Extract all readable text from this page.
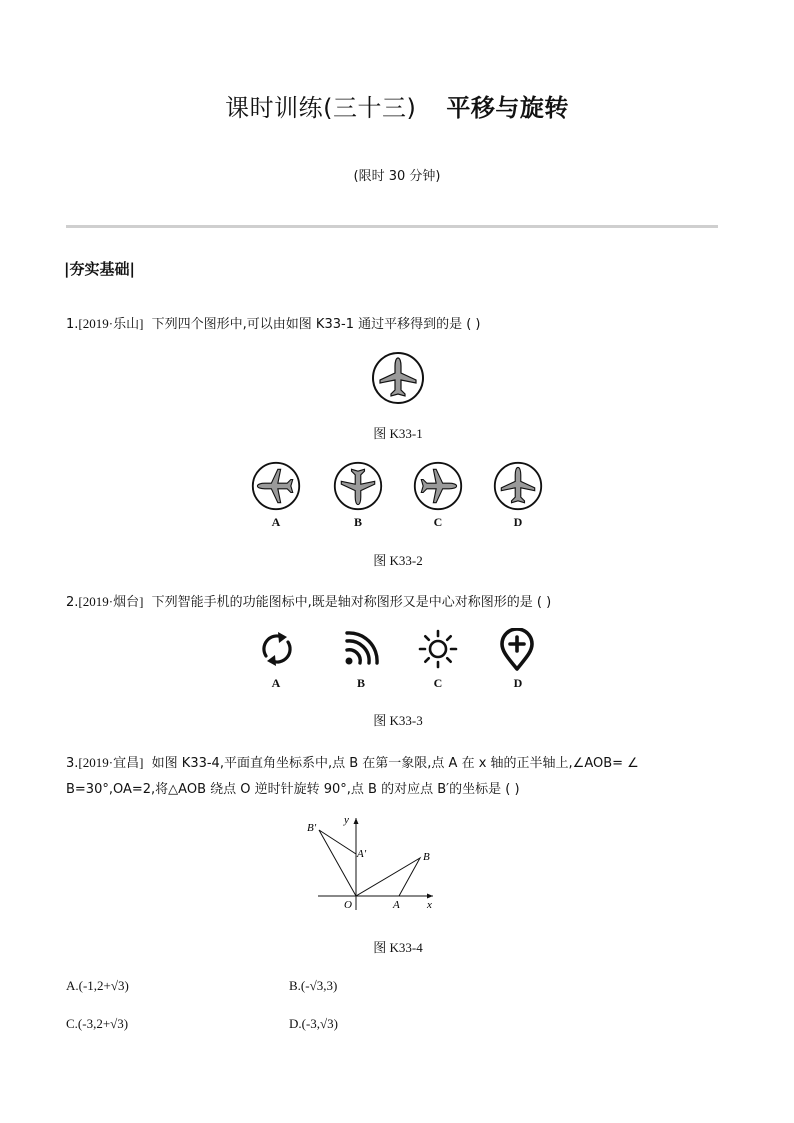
课时训练(三十三) 平移与旋转
(限时 30 分钟)
|夯实基础|
1.[2019·乐山] 下列四个图形中,可以由如图 K33-1 通过平移得到的是 ( )
图 K33-1
A	B	C	D
图 K33-2
2.[2019·烟台] 下列智能手机的功能图标中,既是轴对称图形又是中心对称图形的是 ( )
A	B	C	D
图 K33-3
3.[2019·宜昌] 如图 K33-4,平面直角坐标系中,点 B 在第一象限,点 A 在 x 轴的正半轴上,∠AOB= ∠
B=30°,OA=2,将△AOB 绕点 O 逆时针旋转 90°,点 B 的对应点 B′的坐标是 ( )
B′
A′	B
O	A x
y
图 K33-4
A.(-1,2+√3)	B.(-√3,3)
C.(-3,2+√3)	D.(-3,√3)
